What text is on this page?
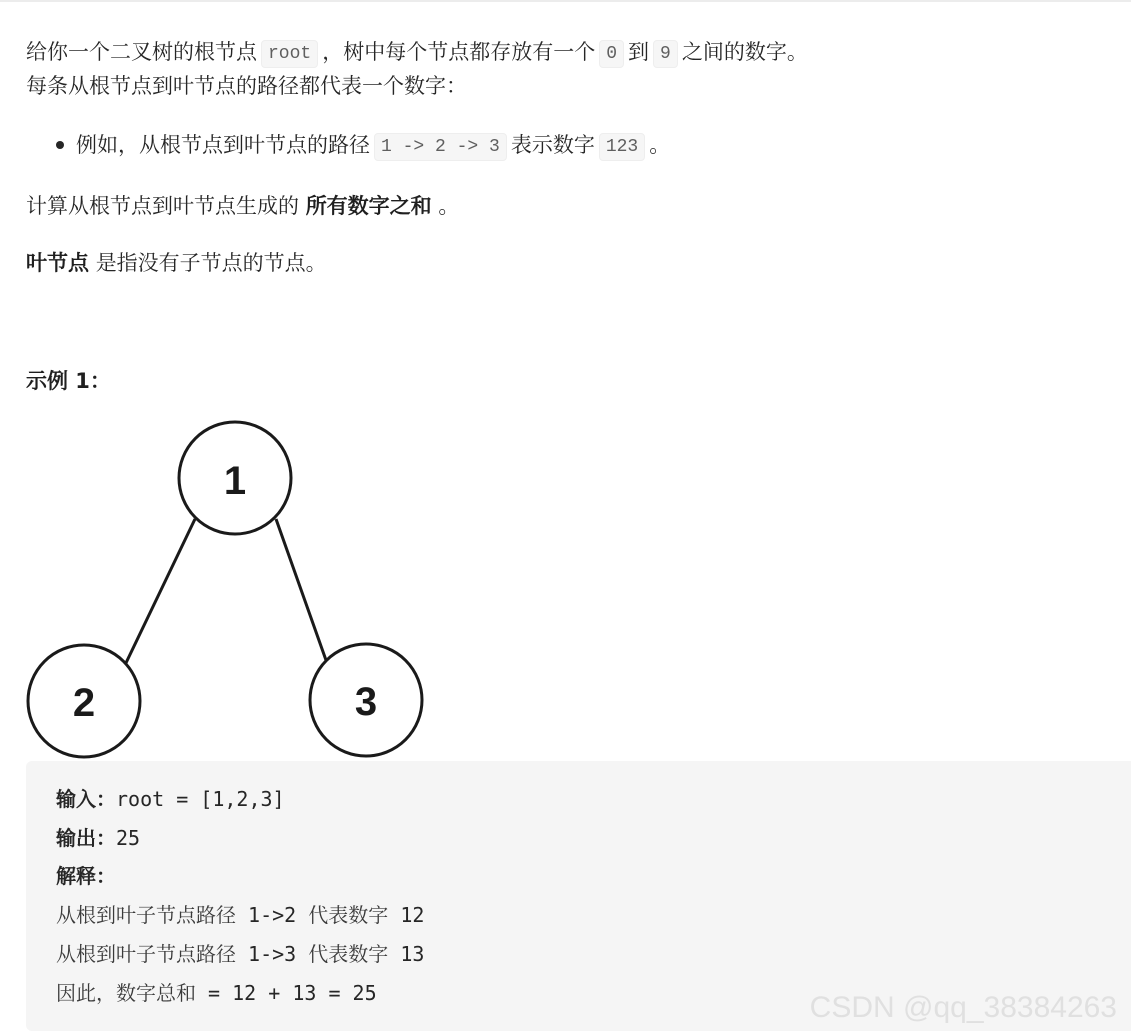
给你一个二叉树的根节点 root ，树中每个节点都存放有一个 0 到 9 之间的数字。

每条从根节点到叶节点的路径都代表一个数字：

例如，从根节点到叶节点的路径 1 -> 2 -> 3 表示数字 123 。

计算从根节点到叶节点生成的 所有数字之和 。

叶节点 是指没有子节点的节点。

示例 1：

1
2	3

输入：root = [1,2,3]

输出：25

解释：

从根到叶子节点路径 1->2 代表数字 12

从根到叶子节点路径 1->3 代表数字 13

因此，数字总和 = 12 + 13 = 25	CSDN @qq_38384263
